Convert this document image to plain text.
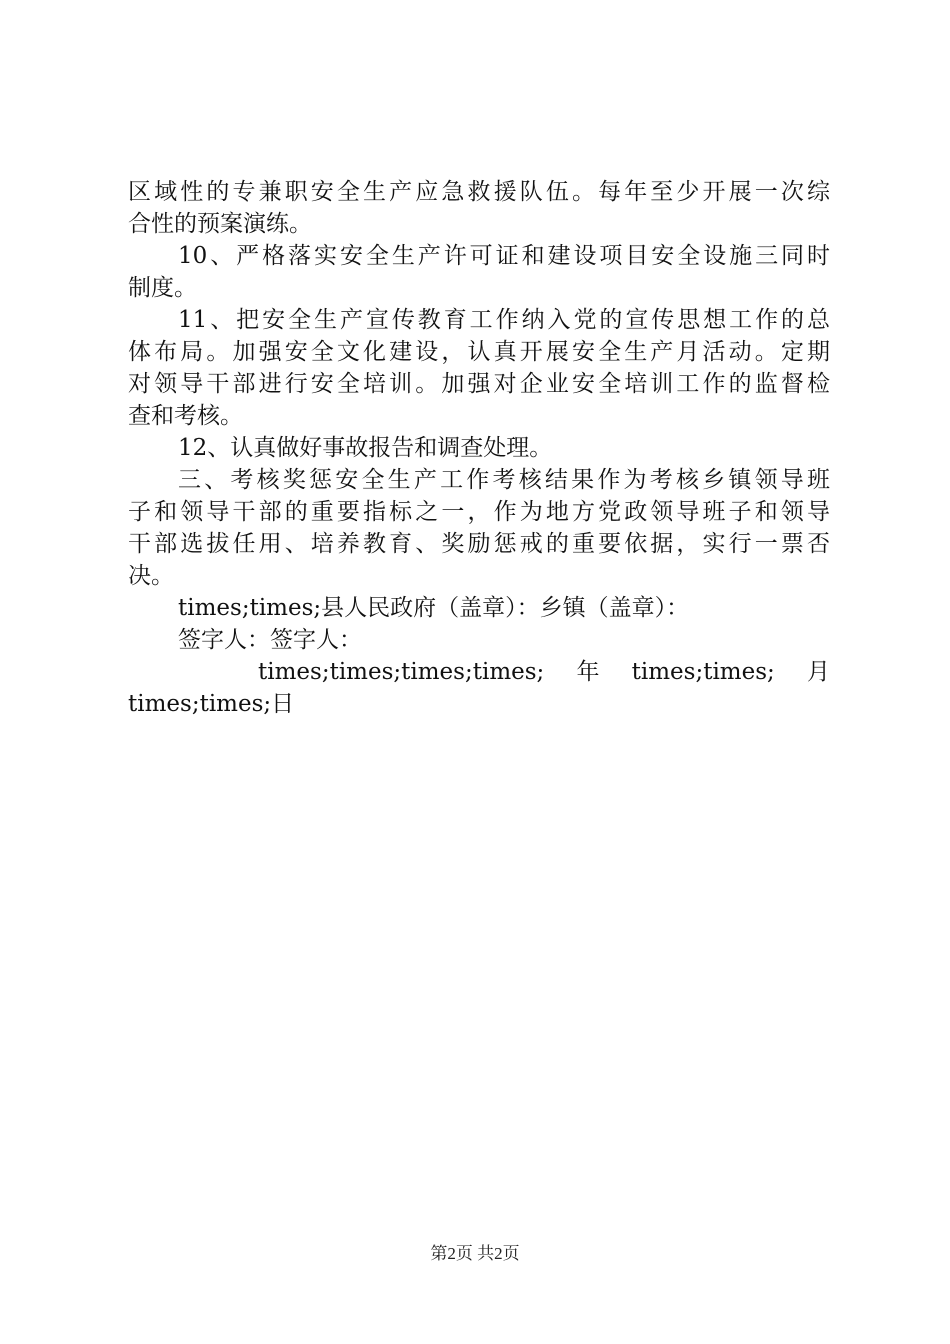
区域性的专兼职安全生产应急救援队伍。每年至少开展一次综
合性的预案演练。
10、严格落实安全生产许可证和建设项目安全设施三同时
制度。
11、把安全生产宣传教育工作纳入党的宣传思想工作的总
体布局。加强安全文化建设，认真开展安全生产月活动。定期
对领导干部进行安全培训。加强对企业安全培训工作的监督检
查和考核。
12、认真做好事故报告和调查处理。
三、考核奖惩安全生产工作考核结果作为考核乡镇领导班
子和领导干部的重要指标之一，作为地方党政领导班子和领导
干部选拔任用、培养教育、奖励惩戒的重要依据，实行一票否
决。
times;times;县人民政府（盖章）：乡镇（盖章）：
签字人：签字人：
times;times;times;times; 年 times;times; 月
times;times;日
第2页 共2页
